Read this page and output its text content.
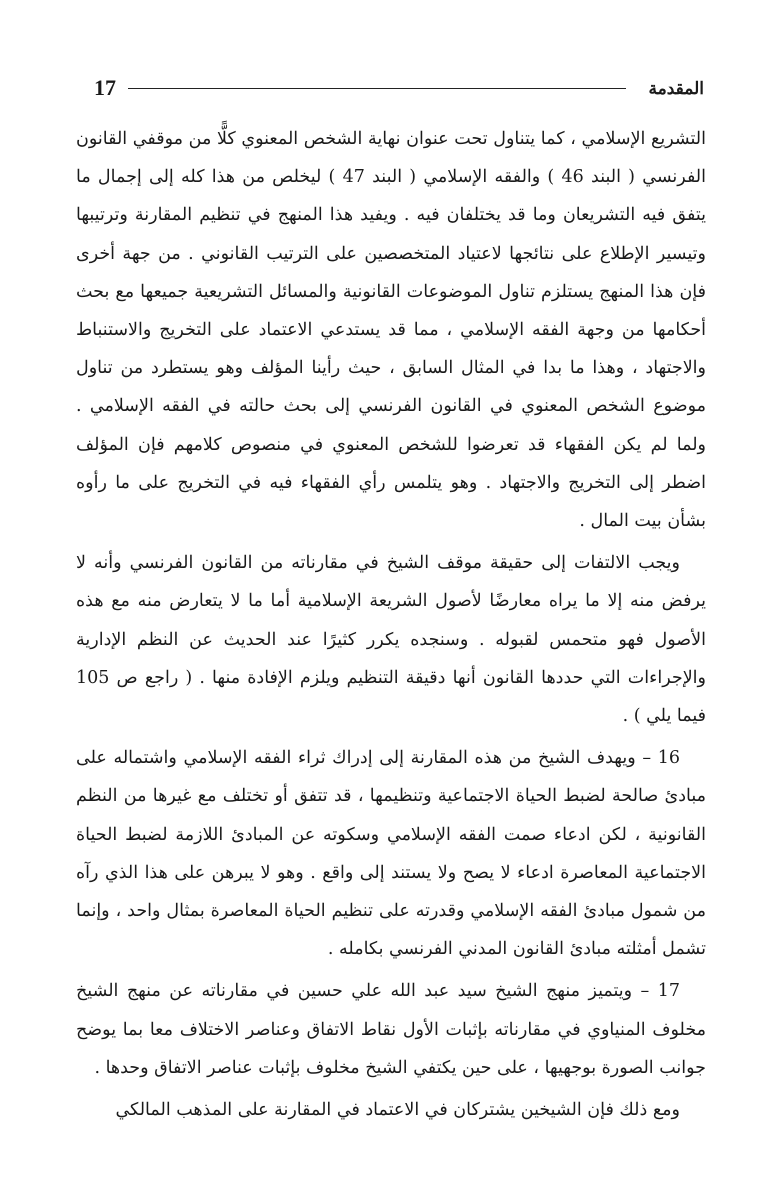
17	المقدمة

التشريع الإسلامي ، كما يتناول تحت عنوان نهاية الشخص المعنوي كلًّا من موقفي القانون الفرنسي ( البند 46 ) والفقه الإسلامي ( البند 47 ) ليخلص من هذا كله إلى إجمال ما يتفق فيه التشريعان وما قد يختلفان فيه . ويفيد هذا المنهج في تنظيم المقارنة وترتيبها وتيسير الإطلاع على نتائجها لاعتياد المتخصصين على الترتيب القانوني . من جهة أخرى فإن هذا المنهج يستلزم تناول الموضوعات القانونية والمسائل التشريعية جميعها مع بحث أحكامها من وجهة الفقه الإسلامي ، مما قد يستدعي الاعتماد على التخريج والاستنباط والاجتهاد ، وهذا ما بدا في المثال السابق ، حيث رأينا المؤلف وهو يستطرد من تناول موضوع الشخص المعنوي في القانون الفرنسي إلى بحث حالته في الفقه الإسلامي . ولما لم يكن الفقهاء قد تعرضوا للشخص المعنوي في منصوص كلامهم فإن المؤلف اضطر إلى التخريج والاجتهاد . وهو يتلمس رأي الفقهاء فيه في التخريج على ما رأوه بشأن بيت المال .

ويجب الالتفات إلى حقيقة موقف الشيخ في مقارناته من القانون الفرنسي وأنه لا يرفض منه إلا ما يراه معارضًا لأصول الشريعة الإسلامية أما ما لا يتعارض منه مع هذه الأصول فهو متحمس لقبوله . وسنجده يكرر كثيرًا عند الحديث عن النظم الإدارية والإجراءات التي حددها القانون أنها دقيقة التنظيم ويلزم الإفادة منها . ( راجع ص 105 فيما يلي ) .

16 – ويهدف الشيخ من هذه المقارنة إلى إدراك ثراء الفقه الإسلامي واشتماله على مبادئ صالحة لضبط الحياة الاجتماعية وتنظيمها ، قد تتفق أو تختلف مع غيرها من النظم القانونية ، لكن ادعاء صمت الفقه الإسلامي وسكوته عن المبادئ اللازمة لضبط الحياة الاجتماعية المعاصرة ادعاء لا يصح ولا يستند إلى واقع . وهو لا يبرهن على هذا الذي رآه من شمول مبادئ الفقه الإسلامي وقدرته على تنظيم الحياة المعاصرة بمثال واحد ، وإنما تشمل أمثلته مبادئ القانون المدني الفرنسي بكامله .

17 – ويتميز منهج الشيخ سيد عبد الله علي حسين في مقارناته عن منهج الشيخ مخلوف المنياوي في مقارناته بإثبات الأول نقاط الاتفاق وعناصر الاختلاف معا بما يوضح جوانب الصورة بوجهيها ، على حين يكتفي الشيخ مخلوف بإثبات عناصر الاتفاق وحدها .

ومع ذلك فإن الشيخين يشتركان في الاعتماد في المقارنة على المذهب المالكي
